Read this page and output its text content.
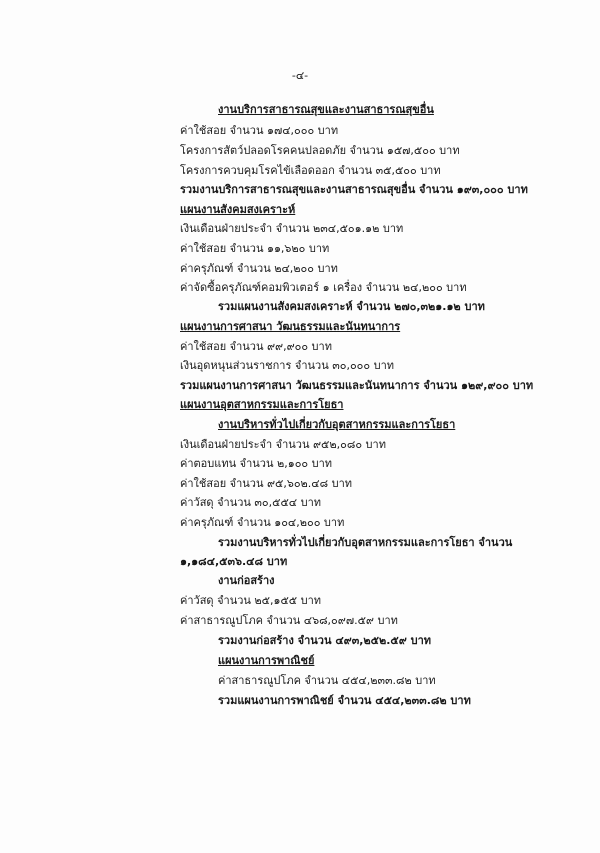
-๔-
งานบริการสาธารณสุขและงานสาธารณสุขอื่น
ค่าใช้สอย จำนวน ๑๗๔,๐๐๐ บาท
โครงการสัตว์ปลอดโรคคนปลอดภัย จำนวน ๑๕๗,๕๐๐ บาท
โครงการควบคุมโรคไข้เลือดออก จำนวน ๓๕,๕๐๐ บาท
รวมงานบริการสาธารณสุขและงานสาธารณสุขอื่น จำนวน ๑๙๓,๐๐๐ บาท
แผนงานสังคมสงเคราะห์
เงินเดือนฝ่ายประจำ จำนวน ๒๓๔,๕๐๑.๑๒ บาท
ค่าใช้สอย จำนวน ๑๑,๖๒๐ บาท
ค่าครุภัณฑ์ จำนวน ๒๔,๒๐๐ บาท
ค่าจัดซื้อครุภัณฑ์คอมพิวเตอร์ ๑ เครื่อง จำนวน ๒๔,๒๐๐ บาท
รวมแผนงานสังคมสงเคราะห์ จำนวน ๒๗๐,๓๒๑.๑๒ บาท
แผนงานการศาสนา วัฒนธรรมและนันทนาการ
ค่าใช้สอย จำนวน ๙๙,๙๐๐ บาท
เงินอุดหนุนส่วนราชการ จำนวน ๓๐,๐๐๐ บาท
รวมแผนงานการศาสนา วัฒนธรรมและนันทนาการ จำนวน ๑๒๙,๙๐๐ บาท
แผนงานอุตสาหกรรมและการโยธา
งานบริหารทั่วไปเกี่ยวกับอุตสาหกรรมและการโยธา
เงินเดือนฝ่ายประจำ จำนวน ๙๕๒,๐๘๐ บาท
ค่าตอบแทน จำนวน ๒,๑๐๐ บาท
ค่าใช้สอย จำนวน ๙๕,๖๐๒.๔๘ บาท
ค่าวัสดุ จำนวน ๓๐,๕๕๔ บาท
ค่าครุภัณฑ์ จำนวน ๑๐๔,๒๐๐ บาท
รวมงานบริหารทั่วไปเกี่ยวกับอุตสาหกรรมและการโยธา จำนวน
๑,๑๘๔,๕๓๖.๔๘ บาท
งานก่อสร้าง
ค่าวัสดุ จำนวน ๒๕,๑๕๕ บาท
ค่าสาธารณูปโภค จำนวน ๔๖๘,๐๙๗.๕๙ บาท
รวมงานก่อสร้าง จำนวน ๔๙๓,๒๕๒.๕๙ บาท
แผนงานการพาณิชย์
ค่าสาธารณูปโภค จำนวน ๔๕๔,๒๓๓.๘๒ บาท
รวมแผนงานการพาณิชย์ จำนวน ๔๕๔,๒๓๓.๘๒ บาท
